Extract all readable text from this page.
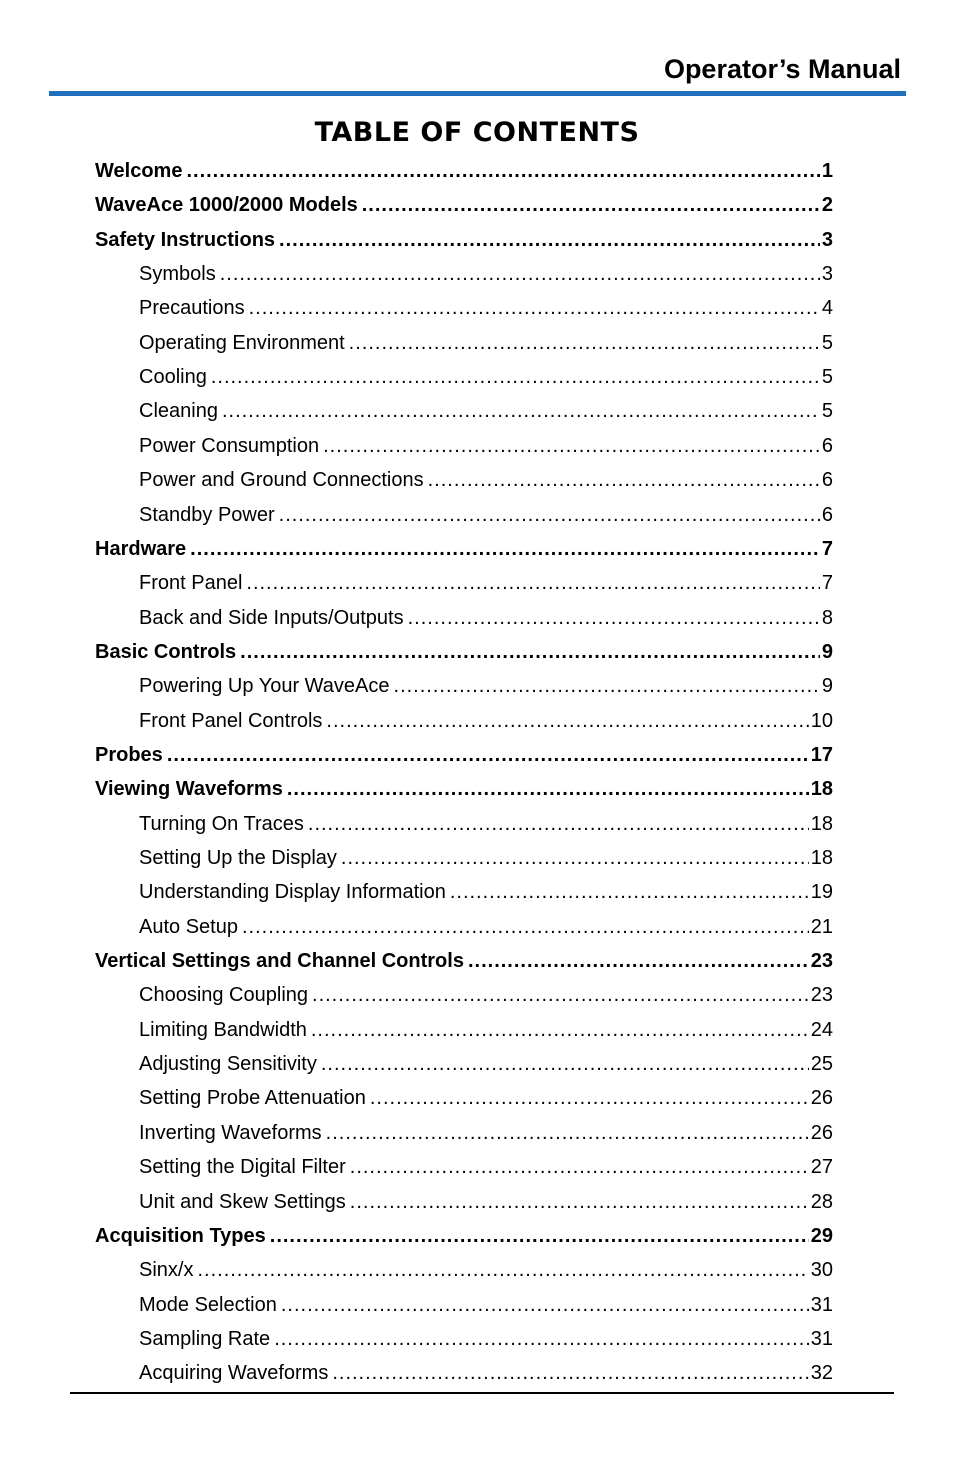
Operator’s Manual
TABLE OF CONTENTS
Welcome .....	1
WaveAce 1000/2000 Models .....	2
Safety Instructions .....	3
Symbols .....	3
Precautions .....	4
Operating Environment .....	5
Cooling .....	5
Cleaning .....	5
Power Consumption .....	6
Power and Ground Connections .....	6
Standby Power .....	6
Hardware .....	7
Front Panel .....	7
Back and Side Inputs/Outputs .....	8
Basic Controls .....	9
Powering Up Your WaveAce .....	9
Front Panel Controls .....	10
Probes .....	17
Viewing Waveforms .....	18
Turning On Traces .....	18
Setting Up the Display .....	18
Understanding Display Information .....	19
Auto Setup .....	21
Vertical Settings and Channel Controls .....	23
Choosing Coupling .....	23
Limiting Bandwidth .....	24
Adjusting Sensitivity .....	25
Setting Probe Attenuation .....	26
Inverting Waveforms .....	26
Setting the Digital Filter .....	27
Unit and Skew Settings .....	28
Acquisition Types .....	29
Sinx/x .....	30
Mode Selection .....	31
Sampling Rate .....	31
Acquiring Waveforms .....	32
